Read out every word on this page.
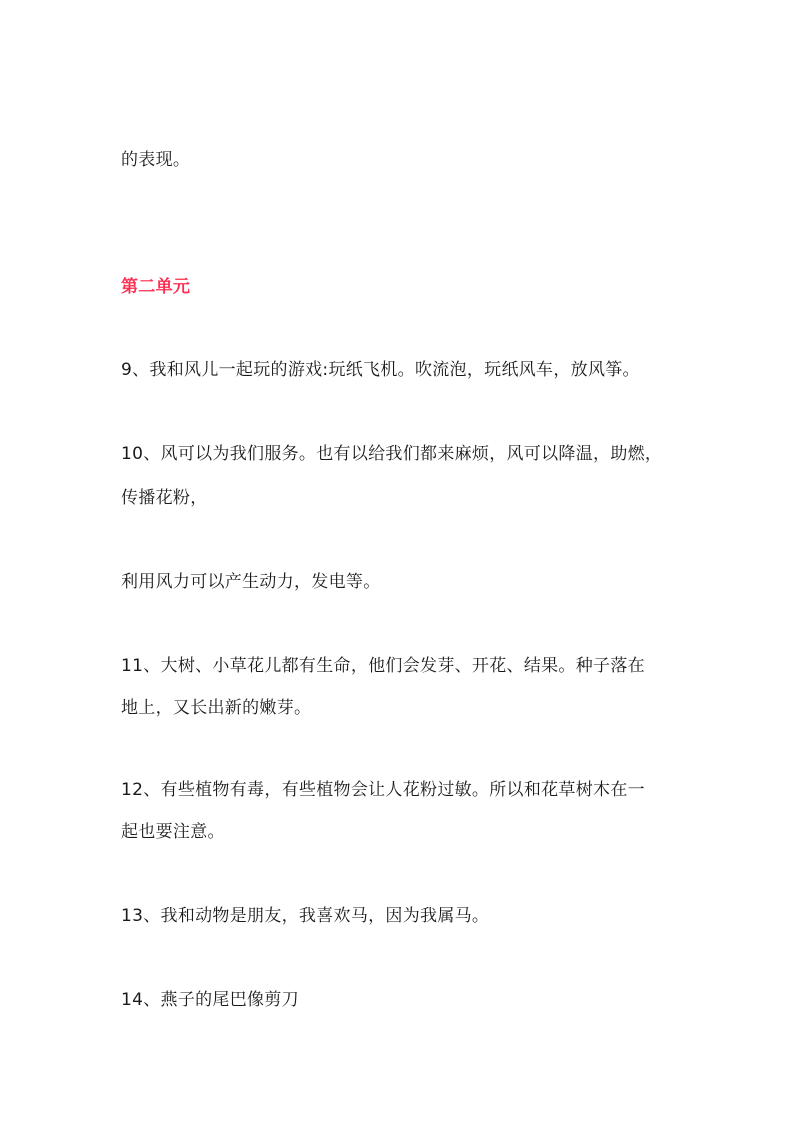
的表现。
第二单元
9、我和风儿一起玩的游戏:玩纸飞机。吹流泡，玩纸风车，放风筝。
10、风可以为我们服务。也有以给我们都来麻烦，风可以降温，助燃，
传播花粉，
利用风力可以产生动力，发电等。
11、大树、小草花儿都有生命，他们会发芽、开花、结果。种子落在
地上，又长出新的嫩芽。
12、有些植物有毒，有些植物会让人花粉过敏。所以和花草树木在一
起也要注意。
13、我和动物是朋友，我喜欢马，因为我属马。
14、燕子的尾巴像剪刀
